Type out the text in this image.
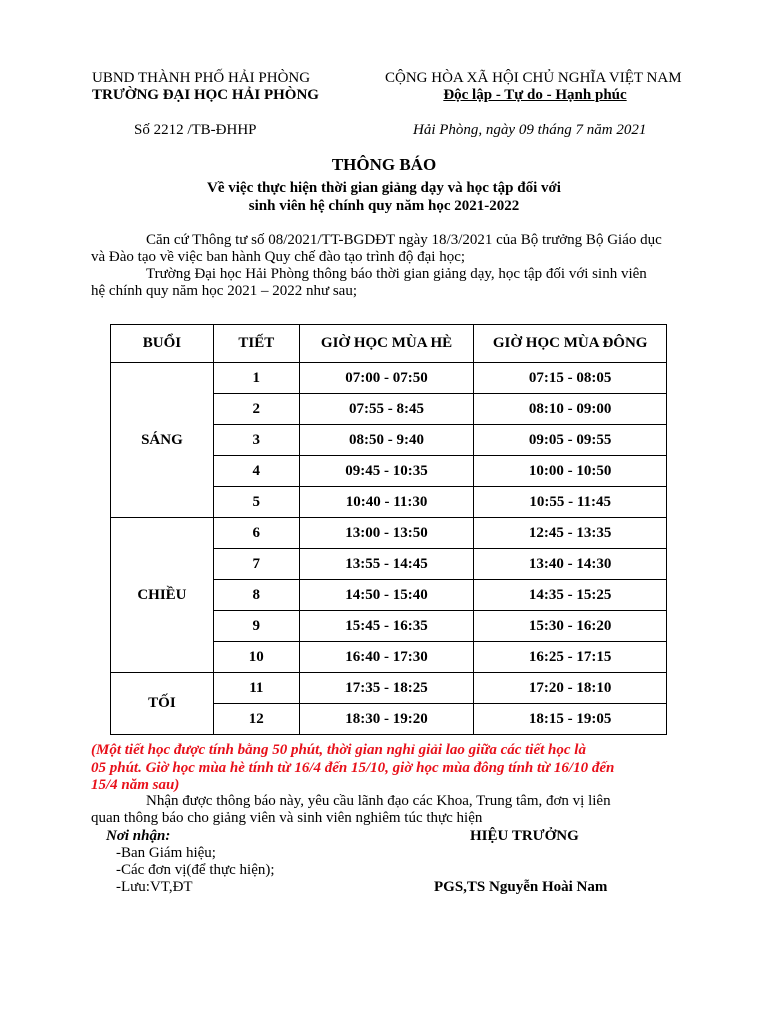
UBND THÀNH PHỐ HẢI PHÒNG
TRƯỜNG ĐẠI HỌC HẢI PHÒNG
CỘNG HÒA XÃ HỘI CHỦ NGHĨA VIỆT NAM
Độc lập - Tự do - Hạnh phúc
Số 2212 /TB-ĐHHP	Hải Phòng, ngày 09 tháng 7 năm 2021
THÔNG BÁO
Về việc thực hiện thời gian giảng dạy và học tập đối với
sinh viên hệ chính quy năm học 2021-2022
Căn cứ Thông tư số 08/2021/TT-BGDĐT ngày 18/3/2021 của Bộ trưởng Bộ Giáo dục
và Đào tạo về việc ban hành Quy chế đào tạo trình độ đại học;
Trường Đại học Hải Phòng thông báo thời gian giảng dạy, học tập đối với sinh viên
hệ chính quy năm học 2021 – 2022 như sau;
BUỔI	TIẾT	GIỜ HỌC MÙA HÈ	GIỜ HỌC MÙA ĐÔNG
SÁNG	1	07:00 - 07:50	07:15 - 08:05
	2	07:55 - 8:45	08:10 - 09:00
	3	08:50 - 9:40	09:05 - 09:55
	4	09:45 - 10:35	10:00 - 10:50
	5	10:40 - 11:30	10:55 - 11:45
CHIỀU	6	13:00 - 13:50	12:45 - 13:35
	7	13:55 - 14:45	13:40 - 14:30
	8	14:50 - 15:40	14:35 - 15:25
	9	15:45 - 16:35	15:30 - 16:20
	10	16:40 - 17:30	16:25 - 17:15
TỐI	11	17:35 - 18:25	17:20 - 18:10
	12	18:30 - 19:20	18:15 - 19:05
(Một tiết học được tính bằng 50 phút, thời gian nghỉ giải lao giữa các tiết học là
05 phút. Giờ học mùa hè tính từ 16/4 đến 15/10, giờ học mùa đông tính từ 16/10 đến
15/4 năm sau)
Nhận được thông báo này, yêu cầu lãnh đạo các Khoa, Trung tâm, đơn vị liên
quan thông báo cho giảng viên và sinh viên nghiêm túc thực hiện
Nơi nhận:	HIỆU TRƯỞNG
-Ban Giám hiệu;
-Các đơn vị(để thực hiện);
-Lưu:VT,ĐT	PGS,TS Nguyễn Hoài Nam
